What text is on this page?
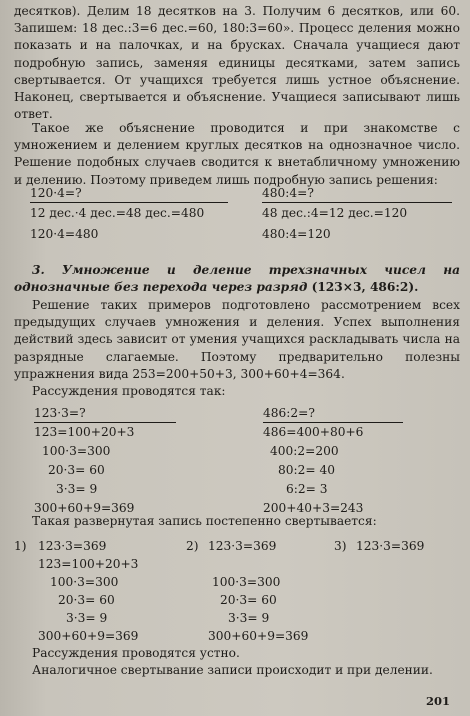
десятков). Делим 18 десятков на 3. Получим 6 десятков, или 60. Запишем: 18 дес.:3=6 дес.=60, 180:3=60». Процесс деления можно показать и на палочках, и на брусках. Сначала учащиеся дают подробную запись, заменяя единицы десятками, затем запись свертывается. От учащихся требуется лишь устное объяснение. Наконец, свертывается и объяснение. Учащиеся записывают лишь ответ.
Такое же объяснение проводится и при знакомстве с умножением и делением круглых десятков на однозначное число. Решение подобных случаев сводится к внетабличному умножению и делению. Поэтому приведем лишь подробную запись решения:
120·4=?
12 дес.·4 дес.=48 дес.=480
120·4=480
480:4=?
48 дес.:4=12 дес.=120
480:4=120
3. Умножение и деление трехзначных чисел на однозначные без перехода через разряд (123×3, 486:2).
Решение таких примеров подготовлено рассмотрением всех предыдущих случаев умножения и деления. Успех выполнения действий здесь зависит от умения учащихся раскладывать числа на разрядные слагаемые. Поэтому предварительно полезны упражнения вида 253=200+50+3, 300+60+4=364.
Рассуждения проводятся так:
123·3=?
123=100+20+3
100·3=300
20·3= 60
3·3= 9
300+60+9=369
486:2=?
486=400+80+6
400:2=200
80:2= 40
6:2= 3
200+40+3=243
Такая развернутая запись постепенно свертывается:
1) 123·3=369
123=100+20+3
100·3=300
20·3= 60
3·3= 9
300+60+9=369
2) 123·3=369
100·3=300
20·3= 60
3·3= 9
300+60+9=369
3) 123·3=369
Рассуждения проводятся устно.
Аналогичное свертывание записи происходит и при делении.
201
